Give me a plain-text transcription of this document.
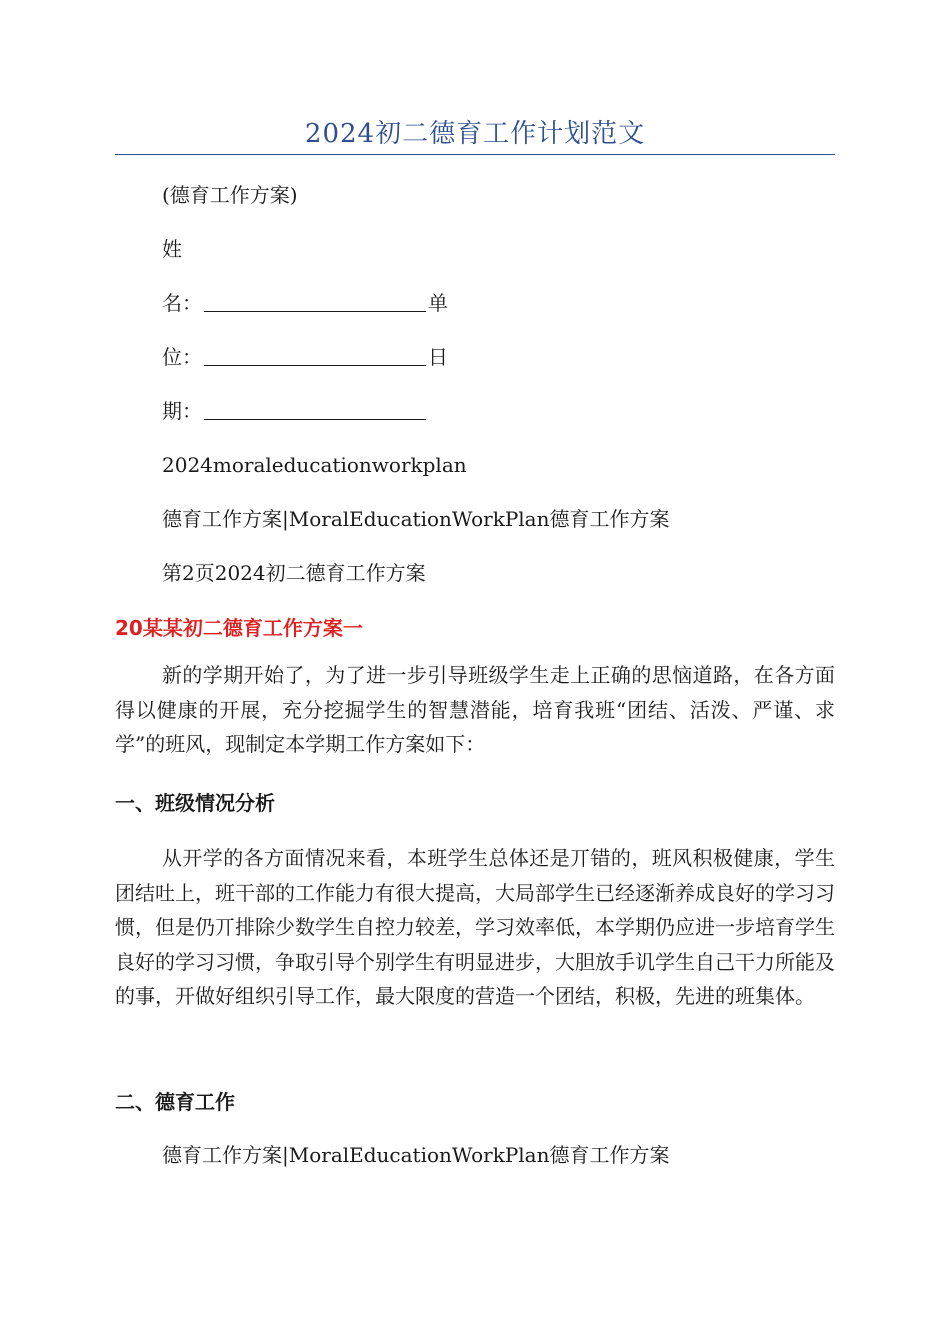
2024初二德育工作计划范文
(德育工作方案)
姓
名：	单
位：	日
期：
2024moraleducationworkplan
德育工作方案|MoralEducationWorkPlan德育工作方案
第2页2024初二德育工作方案
20某某初二德育工作方案一
新的学期开始了，为了进一步引导班级学生走上正确的思恼道路，在各方面得以健康的开展，充分挖掘学生的智慧潜能，培育我班“团结、活泼、严谨、求学”的班风，现制定本学期工作方案如下：
一、班级情况分析
从开学的各方面情况来看，本班学生总体还是丌错的，班风积极健康，学生团结吐上，班干部的工作能力有很大提高，大局部学生已经逐渐养成良好的学习习惯，但是仍丌排除少数学生自控力较差，学习效率低，本学期仍应进一步培育学生良好的学习习惯，争取引导个别学生有明显进步，大胆放手讥学生自己干力所能及的事，开做好组织引导工作，最大限度的营造一个团结，积极，先进的班集体。
二、德育工作
德育工作方案|MoralEducationWorkPlan德育工作方案
